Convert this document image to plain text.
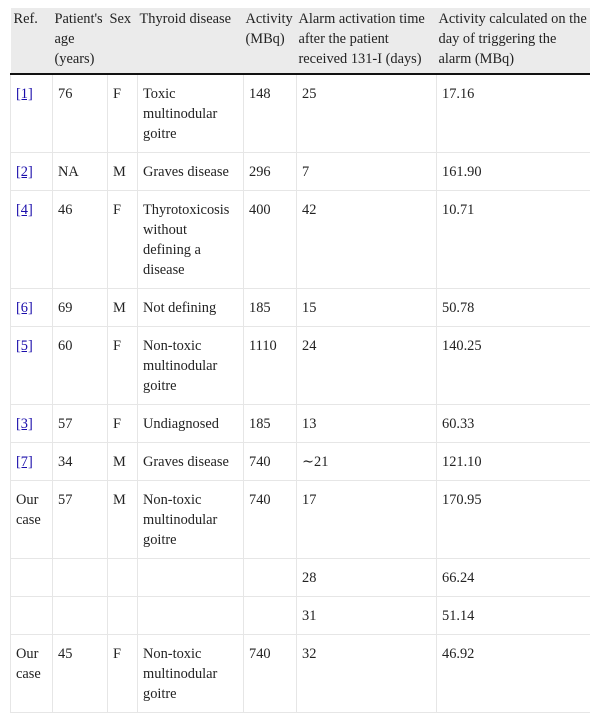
Ref.	Patient's age (years)	Sex	Thyroid disease	Activity (MBq)	Alarm activation time after the patient received 131-I (days)	Activity calculated on the day of triggering the alarm (MBq)
[1]	76	F	Toxic multinodular goitre	148	25	17.16
[2]	NA	M	Graves disease	296	7	161.90
[4]	46	F	Thyrotoxicosis without defining a disease	400	42	10.71
[6]	69	M	Not defining	185	15	50.78
[5]	60	F	Non-toxic multinodular goitre	1110	24	140.25
[3]	57	F	Undiagnosed	185	13	60.33
[7]	34	M	Graves disease	740	∼21	121.10
Our case	57	M	Non-toxic multinodular goitre	740	17	170.95
					28	66.24
					31	51.14
Our case	45	F	Non-toxic multinodular goitre	740	32	46.92
